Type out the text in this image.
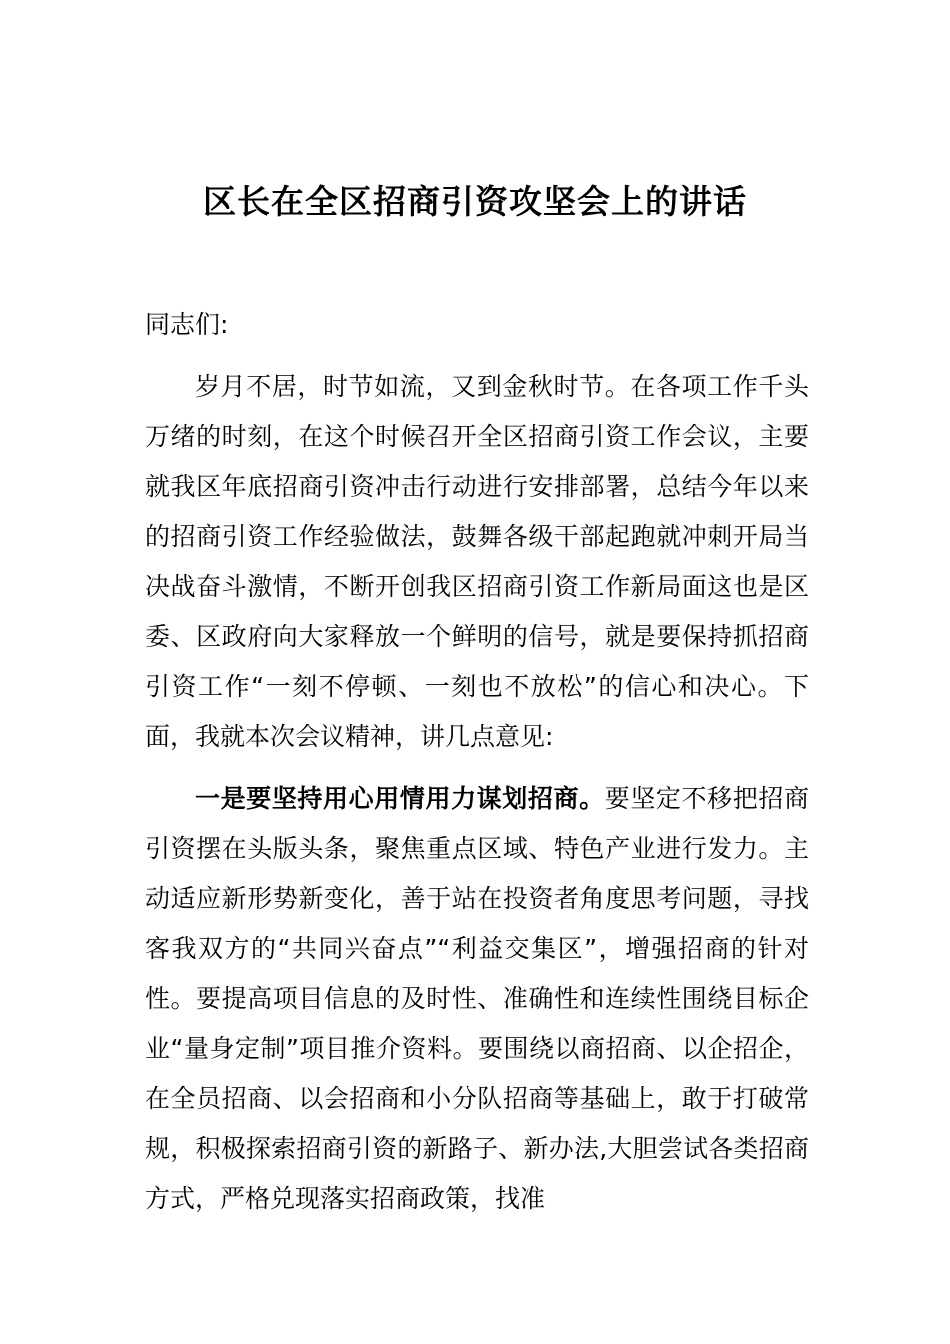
区长在全区招商引资攻坚会上的讲话

同志们:

岁月不居，时节如流，又到金秋时节。在各项工作千头万绪的时刻，在这个时候召开全区招商引资工作会议，主要就我区年底招商引资冲击行动进行安排部署，总结今年以来的招商引资工作经验做法，鼓舞各级干部起跑就冲刺开局当决战奋斗激情，不断开创我区招商引资工作新局面这也是区委、区政府向大家释放一个鲜明的信号，就是要保持抓招商引资工作“一刻不停顿、一刻也不放松”的信心和决心。下面，我就本次会议精神，讲几点意见:

一是要坚持用心用情用力谋划招商。要坚定不移把招商引资摆在头版头条，聚焦重点区域、特色产业进行发力。主动适应新形势新变化，善于站在投资者角度思考问题，寻找客我双方的“共同兴奋点”“利益交集区”，增强招商的针对性。要提高项目信息的及时性、准确性和连续性围绕目标企业“量身定制”项目推介资料。要围绕以商招商、以企招企，在全员招商、以会招商和小分队招商等基础上，敢于打破常规，积极探索招商引资的新路子、新办法,大胆尝试各类招商方式，严格兑现落实招商政策，找准
